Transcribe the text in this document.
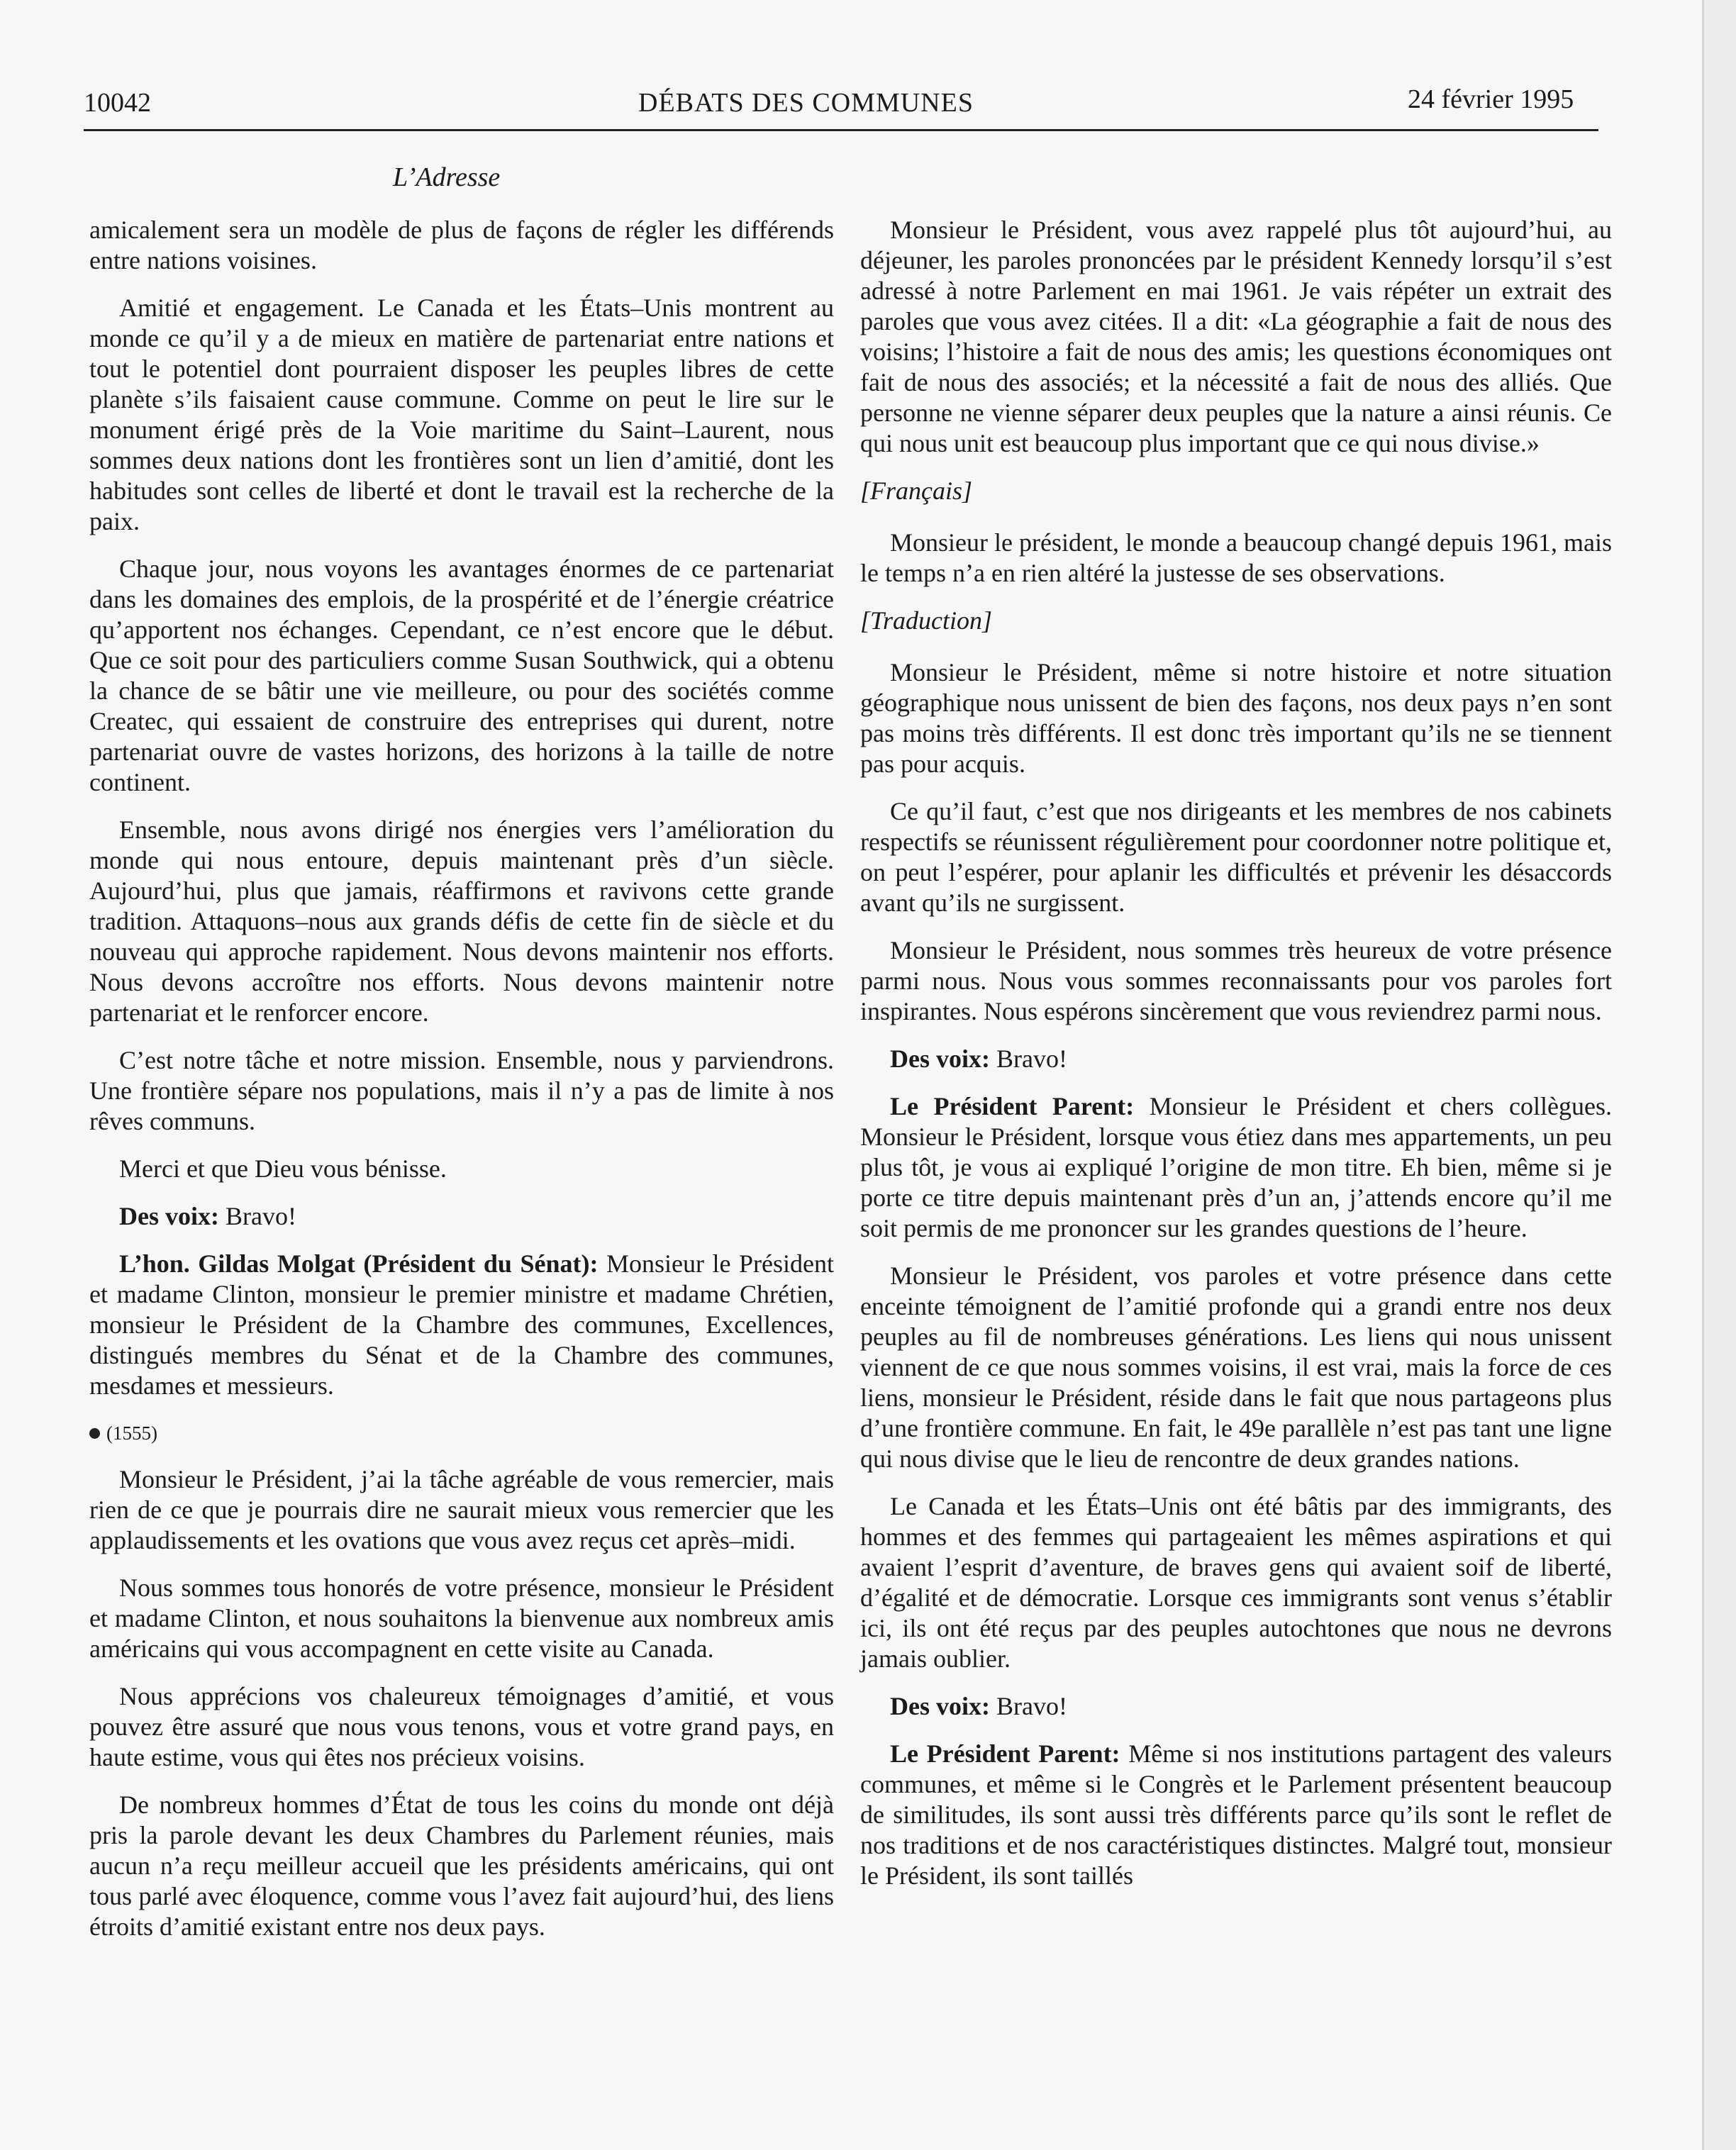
10042	DÉBATS DES COMMUNES	24 février 1995
L’Adresse

amicalement sera un modèle de plus de façons de régler les différends entre nations voisines.

Amitié et engagement. Le Canada et les États–Unis montrent au monde ce qu’il y a de mieux en matière de partenariat entre nations et tout le potentiel dont pourraient disposer les peuples libres de cette planète s’ils faisaient cause commune. Comme on peut le lire sur le monument érigé près de la Voie maritime du Saint–Laurent, nous sommes deux nations dont les frontières sont un lien d’amitié, dont les habitudes sont celles de liberté et dont le travail est la recherche de la paix.

Chaque jour, nous voyons les avantages énormes de ce partenariat dans les domaines des emplois, de la prospérité et de l’énergie créatrice qu’apportent nos échanges. Cependant, ce n’est encore que le début. Que ce soit pour des particuliers comme Susan Southwick, qui a obtenu la chance de se bâtir une vie meilleure, ou pour des sociétés comme Createc, qui essaient de construire des entreprises qui durent, notre partenariat ouvre de vastes horizons, des horizons à la taille de notre continent.

Ensemble, nous avons dirigé nos énergies vers l’amélioration du monde qui nous entoure, depuis maintenant près d’un siècle. Aujourd’hui, plus que jamais, réaffirmons et ravivons cette grande tradition. Attaquons–nous aux grands défis de cette fin de siècle et du nouveau qui approche rapidement. Nous devons maintenir nos efforts. Nous devons accroître nos efforts. Nous devons maintenir notre partenariat et le renforcer encore.

C’est notre tâche et notre mission. Ensemble, nous y parviendrons. Une frontière sépare nos populations, mais il n’y a pas de limite à nos rêves communs.

Merci et que Dieu vous bénisse.

Des voix: Bravo!

L’hon. Gildas Molgat (Président du Sénat): Monsieur le Président et madame Clinton, monsieur le premier ministre et madame Chrétien, monsieur le Président de la Chambre des communes, Excellences, distingués membres du Sénat et de la Chambre des communes, mesdames et messieurs.

(1555)

Monsieur le Président, j’ai la tâche agréable de vous remercier, mais rien de ce que je pourrais dire ne saurait mieux vous remercier que les applaudissements et les ovations que vous avez reçus cet après–midi.

Nous sommes tous honorés de votre présence, monsieur le Président et madame Clinton, et nous souhaitons la bienvenue aux nombreux amis américains qui vous accompagnent en cette visite au Canada.

Nous apprécions vos chaleureux témoignages d’amitié, et vous pouvez être assuré que nous vous tenons, vous et votre grand pays, en haute estime, vous qui êtes nos précieux voisins.

De nombreux hommes d’État de tous les coins du monde ont déjà pris la parole devant les deux Chambres du Parlement réunies, mais aucun n’a reçu meilleur accueil que les présidents américains, qui ont tous parlé avec éloquence, comme vous l’avez fait aujourd’hui, des liens étroits d’amitié existant entre nos deux pays.

Monsieur le Président, vous avez rappelé plus tôt aujourd’hui, au déjeuner, les paroles prononcées par le président Kennedy lorsqu’il s’est adressé à notre Parlement en mai 1961. Je vais répéter un extrait des paroles que vous avez citées. Il a dit: «La géographie a fait de nous des voisins; l’histoire a fait de nous des amis; les questions économiques ont fait de nous des associés; et la nécessité a fait de nous des alliés. Que personne ne vienne séparer deux peuples que la nature a ainsi réunis. Ce qui nous unit est beaucoup plus important que ce qui nous divise.»

[Français]

Monsieur le président, le monde a beaucoup changé depuis 1961, mais le temps n’a en rien altéré la justesse de ses observations.

[Traduction]

Monsieur le Président, même si notre histoire et notre situation géographique nous unissent de bien des façons, nos deux pays n’en sont pas moins très différents. Il est donc très important qu’ils ne se tiennent pas pour acquis.

Ce qu’il faut, c’est que nos dirigeants et les membres de nos cabinets respectifs se réunissent régulièrement pour coordonner notre politique et, on peut l’espérer, pour aplanir les difficultés et prévenir les désaccords avant qu’ils ne surgissent.

Monsieur le Président, nous sommes très heureux de votre présence parmi nous. Nous vous sommes reconnaissants pour vos paroles fort inspirantes. Nous espérons sincèrement que vous reviendrez parmi nous.

Des voix: Bravo!

Le Président Parent: Monsieur le Président et chers collègues. Monsieur le Président, lorsque vous étiez dans mes appartements, un peu plus tôt, je vous ai expliqué l’origine de mon titre. Eh bien, même si je porte ce titre depuis maintenant près d’un an, j’attends encore qu’il me soit permis de me prononcer sur les grandes questions de l’heure.

Monsieur le Président, vos paroles et votre présence dans cette enceinte témoignent de l’amitié profonde qui a grandi entre nos deux peuples au fil de nombreuses générations. Les liens qui nous unissent viennent de ce que nous sommes voisins, il est vrai, mais la force de ces liens, monsieur le Président, réside dans le fait que nous partageons plus d’une frontière commune. En fait, le 49e parallèle n’est pas tant une ligne qui nous divise que le lieu de rencontre de deux grandes nations.

Le Canada et les États–Unis ont été bâtis par des immigrants, des hommes et des femmes qui partageaient les mêmes aspirations et qui avaient l’esprit d’aventure, de braves gens qui avaient soif de liberté, d’égalité et de démocratie. Lorsque ces immigrants sont venus s’établir ici, ils ont été reçus par des peuples autochtones que nous ne devrons jamais oublier.

Des voix: Bravo!

Le Président Parent: Même si nos institutions partagent des valeurs communes, et même si le Congrès et le Parlement présentent beaucoup de similitudes, ils sont aussi très différents parce qu’ils sont le reflet de nos traditions et de nos caractéristiques distinctes. Malgré tout, monsieur le Président, ils sont taillés
